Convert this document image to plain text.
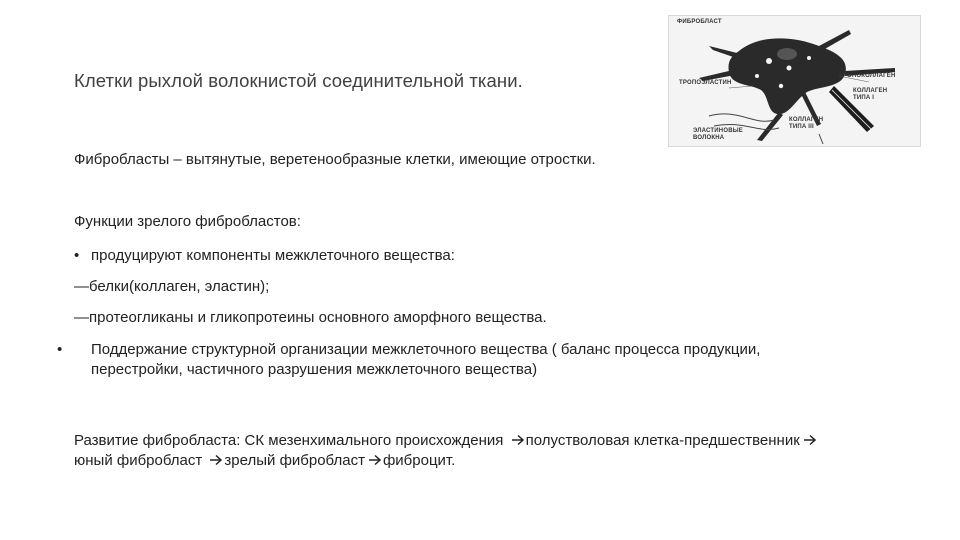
Клетки рыхлой волокнистой соединительной ткани.
ФИБРОБЛАСТ
ТРОПОЭЛАСТИН
ТРОПОКОЛЛАГЕН
КОЛЛАГЕН ТИПА I
КОЛЛАГЕН ТИПА III
ЭЛАСТИНОВЫЕ ВОЛОКНА

Фибробласты – вытянутые, веретенообразные клетки, имеющие отростки.

Функции зрелого фибробластов:

• продуцируют компоненты межклеточного вещества:

—белки(коллаген, эластин);

—протеогликаны и гликопротеины основного аморфного вещества.

• Поддержание структурной организации межклеточного вещества ( баланс процесса продукции, перестройки, частичного разрушения межклеточного вещества)

Развитие фибробласта: СК мезенхимального происхождения полустволовая клетка-предшественникюный фибробласт зрелый фибробласт фиброцит.
